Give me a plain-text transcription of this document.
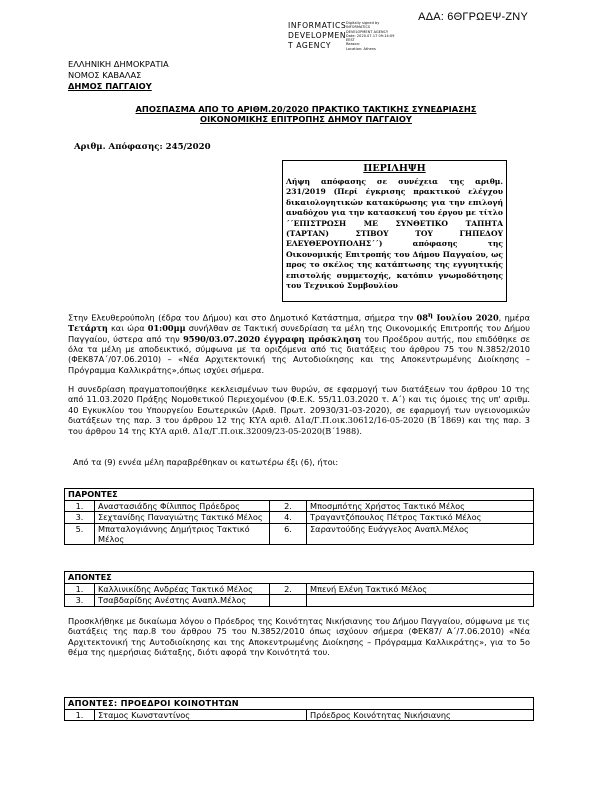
ΑΔΑ: 6ΘΓΡΩΕΨ-ΖΝΥ
INFORMATICS
DEVELOPMEN
T AGENCY
Digitally signed by
INFORMATICS
DEVELOPMENT AGENCY
Date: 2020.07.17 09:14:09
EEST
Reason:
Location: Athens
ΕΛΛΗΝΙΚΗ ΔΗΜΟΚΡΑΤΙΑ
ΝΟΜΟΣ ΚΑΒΑΛΑΣ
ΔΗΜΟΣ ΠΑΓΓΑΙΟΥ
ΑΠΟΣΠΑΣΜΑ ΑΠΟ ΤΟ ΑΡΙΘΜ.20/2020 ΠΡΑΚΤΙΚΟ ΤΑΚΤΙΚΗΣ ΣΥΝΕΔΡΙΑΣΗΣ
ΟΙΚΟΝΟΜΙΚΗΣ ΕΠΙΤΡΟΠΗΣ ΔΗΜΟΥ ΠΑΓΓΑΙΟΥ
Αριθμ. Απόφασης: 245/2020
ΠΕΡΙΛΗΨΗ
Λήψη απόφασης σε συνέχεια της αριθμ. 231/2019 (Περί έγκρισης πρακτικού ελέγχου δικαιολογητικών κατακύρωσης για την επιλογή αναδόχου για την κατασκευή του έργου με τίτλο ΄΄ΕΠΙΣΤΡΩΣΗ ΜΕ ΣΥΝΘΕΤΙΚΟ ΤΑΠΗΤΑ (ΤΑΡΤΑΝ) ΣΤΙΒΟΥ ΤΟΥ ΓΗΠΕΔΟΥ ΕΛΕΥΘΕΡΟΥΠΟΛΗΣ΄΄) απόφασης της Οικονομικής Επιτροπής του Δήμου Παγγαίου, ως προς το σκέλος της κατάπτωσης της εγγυητικής επιστολής συμμετοχής, κατόπιν γνωμοδότησης του Τεχνικού Συμβουλίου
Στην Ελευθερούπολη (έδρα του Δήμου) και στο Δημοτικό Κατάστημα, σήμερα την $08^\eta$ Ιουλίου 2020, ημέρα Τετάρτη και ώρα 01:00μμ συνήλθαν σε Τακτική συνεδρίαση τα μέλη της Οικονομικής Επιτροπής του Δήμου Παγγαίου, ύστερα από την 9590/03.07.2020 έγγραφη πρόσκληση του Προέδρου αυτής, που επιδόθηκε σε όλα τα μέλη με αποδεικτικό, σύμφωνα με τα οριζόμενα από τις διατάξεις του άρθρου 75 του Ν.3852/2010 (ΦΕΚ87Α΄/07.06.2010) – «Νέα Αρχιτεκτονική της Αυτοδιοίκησης και της Αποκεντρωμένης Διοίκησης – Πρόγραμμα Καλλικράτης»,όπως ισχύει σήμερα.
Η συνεδρίαση πραγματοποιήθηκε κεκλεισμένων των θυρών, σε εφαρμογή των διατάξεων του άρθρου 10 της από 11.03.2020 Πράξης Νομοθετικού Περιεχομένου (Φ.Ε.Κ. 55/11.03.2020 τ. Α΄) και τις όμοιες της υπ' αριθμ. 40 Εγκυκλίου του Υπουργείου Εσωτερικών (Αριθ. Πρωτ. 20930/31-03-2020), σε εφαρμογή των υγειονομικών διατάξεων της παρ. 3 του άρθρου 12 της ΚΥΑ αριθ. Δ1α/Γ.Π.οικ.30612/16-05-2020 (Β΄1869) και της παρ. 3 του άρθρου 14 της ΚΥΑ αριθ. Δ1α/Γ.Π.οικ.32009/23-05-2020(Β΄1988).
Από τα (9) εννέα μέλη παραβρέθηκαν οι κατωτέρω έξι (6), ήτοι:
ΠΑΡΟΝΤΕΣ			
1.	Αναστασιάδης Φίλιππος Πρόεδρος	2.	Μποσμπότης Χρήστος Τακτικό Μέλος
3.	Σεχτανίδης Παναγιώτης Τακτικό Μέλος	4.	Τραγαντζόπουλος Πέτρος Τακτικό Μέλος
5.	Μπαταλογιάννης Δημήτριος Τακτικό Μέλος	6.	Σαραντούδης Ευάγγελος Αναπλ.Μέλος
ΑΠΟΝΤΕΣ			
1.	Καλλινικίδης Ανδρέας Τακτικό Μέλος	2.	Μπενή Ελένη Τακτικό Μέλος
3.	Τσαβδαρίδης Ανέστης Αναπλ.Μέλος		
Προσκλήθηκε με δικαίωμα λόγου ο Πρόεδρος της Κοινότητας Νικήσιανης του Δήμου Παγγαίου, σύμφωνα με τις διατάξεις της παρ.8 του άρθρου 75 του Ν.3852/2010 όπως ισχύουν σήμερα (ΦΕΚ87/ Α΄/7.06.2010) «Νέα Αρχιτεκτονική της Αυτοδιοίκησης και της Αποκεντρωμένης Διοίκησης – Πρόγραμμα Καλλικράτης», για το 5ο θέμα της ημερήσιας διάταξης, διότι αφορά την Κοινότητά του.
ΑΠΟΝΤΕΣ: ΠΡΟΕΔΡΟΙ ΚΟΙΝΟΤΗΤΩΝ
1.	Σταμος Κωνσταντίνος	Πρόεδρος Κοινότητας Νικήσιανης
